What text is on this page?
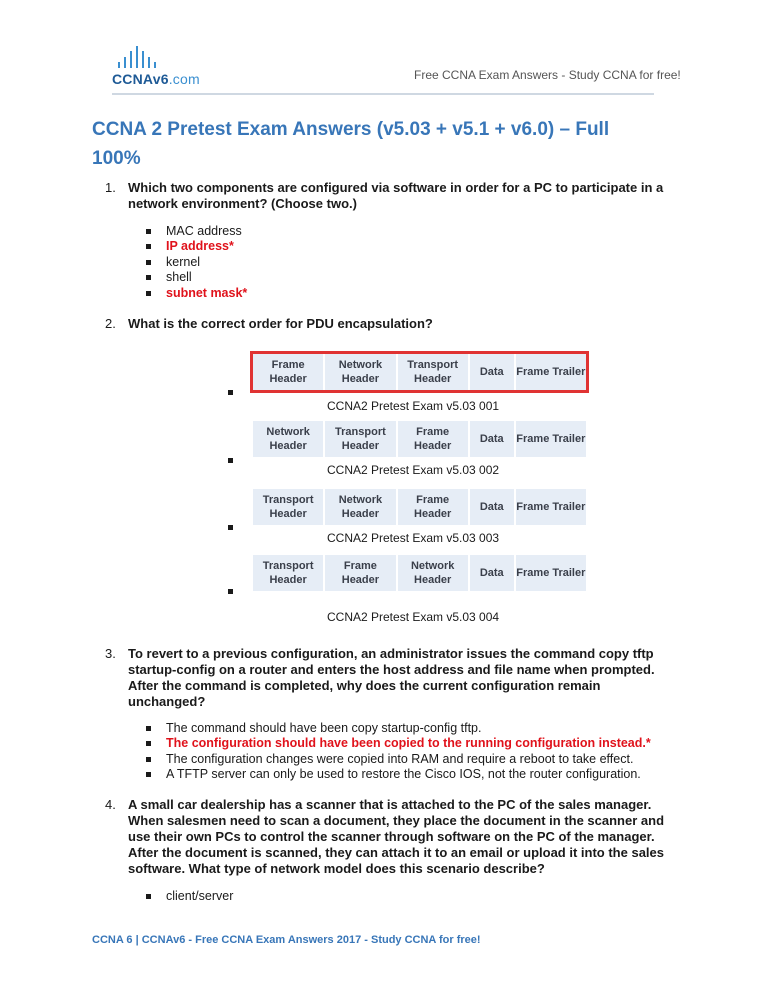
CCNAv6.com	Free CCNA Exam Answers - Study CCNA for free!
CCNA 2 Pretest Exam Answers (v5.03 + v5.1 + v6.0) – Full 100%
1. Which two components are configured via software in order for a PC to participate in a network environment? (Choose two.)
MAC address
IP address*
kernel
shell
subnet mask*
2. What is the correct order for PDU encapsulation?
Frame Header
Network Header
Transport Header
Data	Frame Trailer
CCNA2 Pretest Exam v5.03 001
Network Header
Transport Header
Frame Header
Data	Frame Trailer
CCNA2 Pretest Exam v5.03 002
Transport Header
Network Header
Frame Header
Data	Frame Trailer
CCNA2 Pretest Exam v5.03 003
Transport Header
Frame Header
Network Header
Data	Frame Trailer
CCNA2 Pretest Exam v5.03 004
3. To revert to a previous configuration, an administrator issues the command copy tftp startup-config on a router and enters the host address and file name when prompted. After the command is completed, why does the current configuration remain unchanged?
The command should have been copy startup-config tftp.
The configuration should have been copied to the running configuration instead.*
The configuration changes were copied into RAM and require a reboot to take effect.
A TFTP server can only be used to restore the Cisco IOS, not the router configuration.
4. A small car dealership has a scanner that is attached to the PC of the sales manager. When salesmen need to scan a document, they place the document in the scanner and use their own PCs to control the scanner through software on the PC of the manager. After the document is scanned, they can attach it to an email or upload it into the sales software. What type of network model does this scenario describe?
client/server
CCNA 6 | CCNAv6 - Free CCNA Exam Answers 2017 - Study CCNA for free!
